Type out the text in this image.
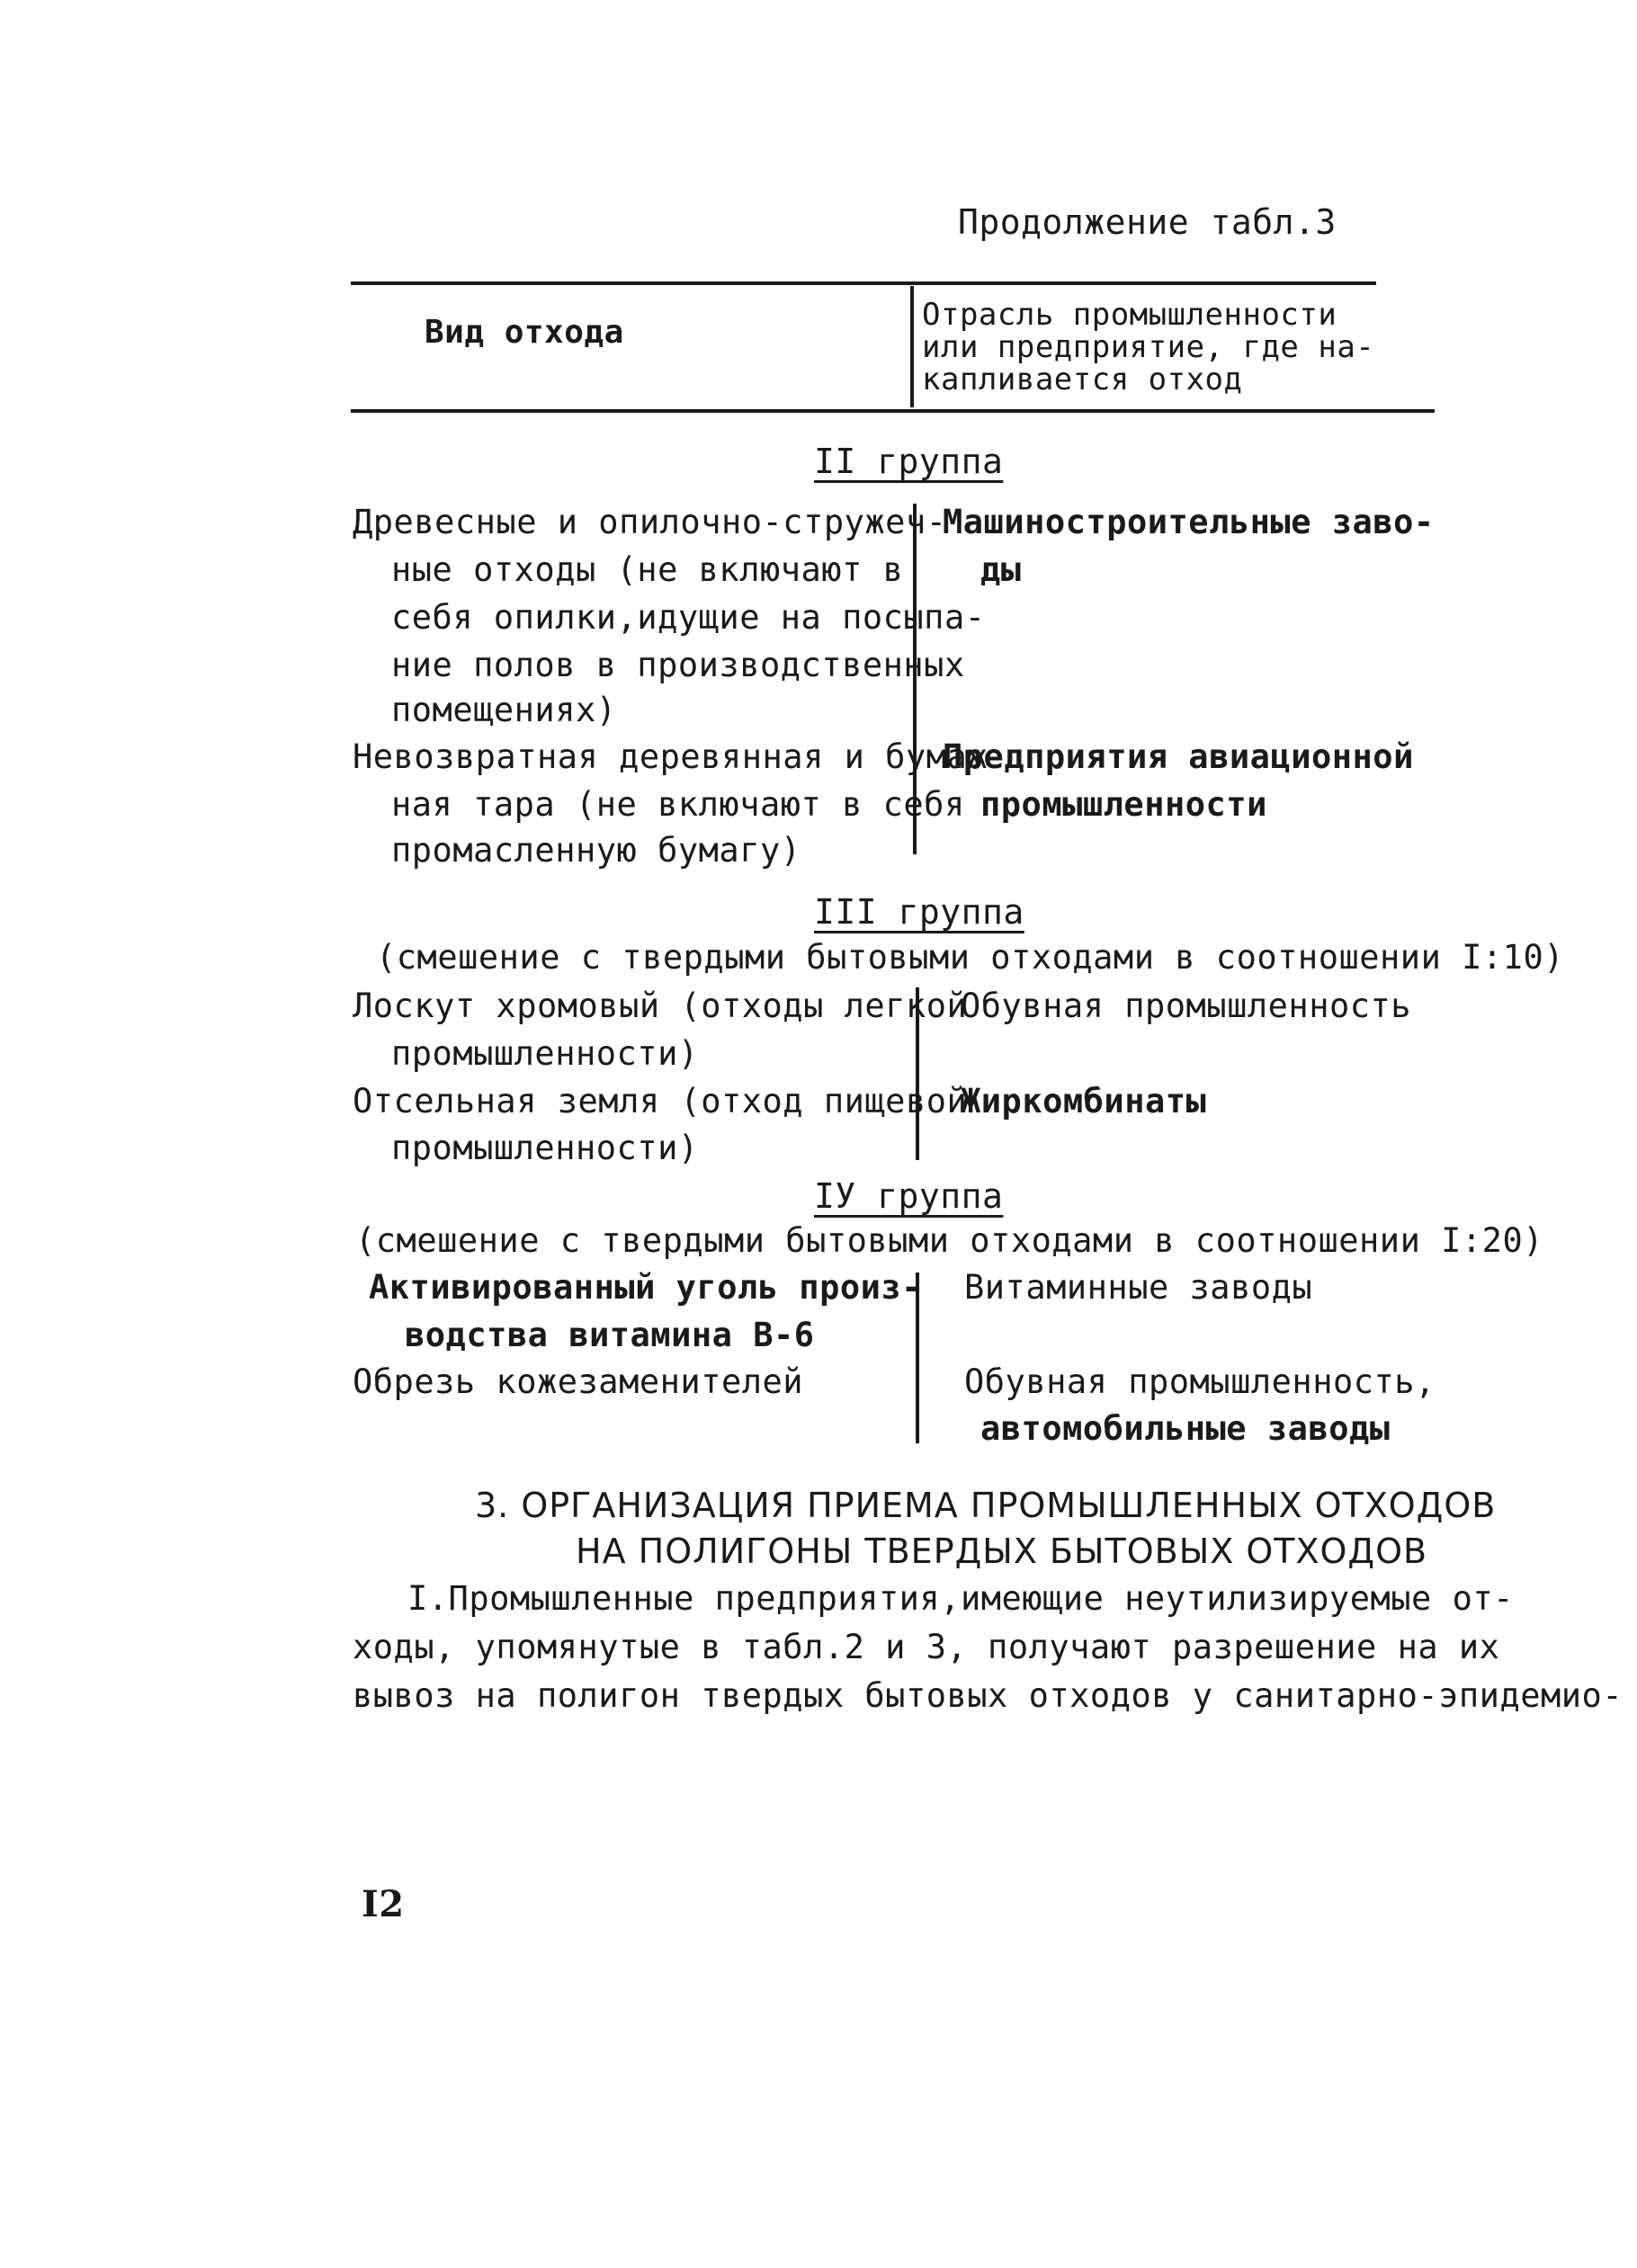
Продолжение табл.3
Вид отхода	Отрасль промышленности
или предприятие, где на-
капливается отход
II группа
Древесные и опилочно-стружеч-
ные отходы (не включают в
себя опилки,идущие на посыпа-
ние полов в производственных
помещениях)
Машиностроительные заво-
ды
Невозвратная деревянная и бумаж-
ная тара (не включают в себя
промасленную бумагу)
Предприятия авиационной
промышленности
III группа
(смешение с твердыми бытовыми отходами в соотношении I:10)
Лоскут хромовый (отходы легкой
промышленности)
Обувная промышленность
Отсельная земля (отход пищевой
промышленности)
Жиркомбинаты
IУ группа
(смешение с твердыми бытовыми отходами в соотношении I:20)
Активированный уголь произ-
водства витамина В-6
Витаминные заводы
Обрезь кожезаменителей	Обувная промышленность,
автомобильные заводы
3. ОРГАНИЗАЦИЯ ПРИЕМА ПРОМЫШЛЕННЫХ ОТХОДОВ
НА ПОЛИГОНЫ ТВЕРДЫХ БЫТОВЫХ ОТХОДОВ
I.Промышленные предприятия,имеющие неутилизируемые от-
ходы, упомянутые в табл.2 и 3, получают разрешение на их
вывоз на полигон твердых бытовых отходов у санитарно-эпидемио-
I2
